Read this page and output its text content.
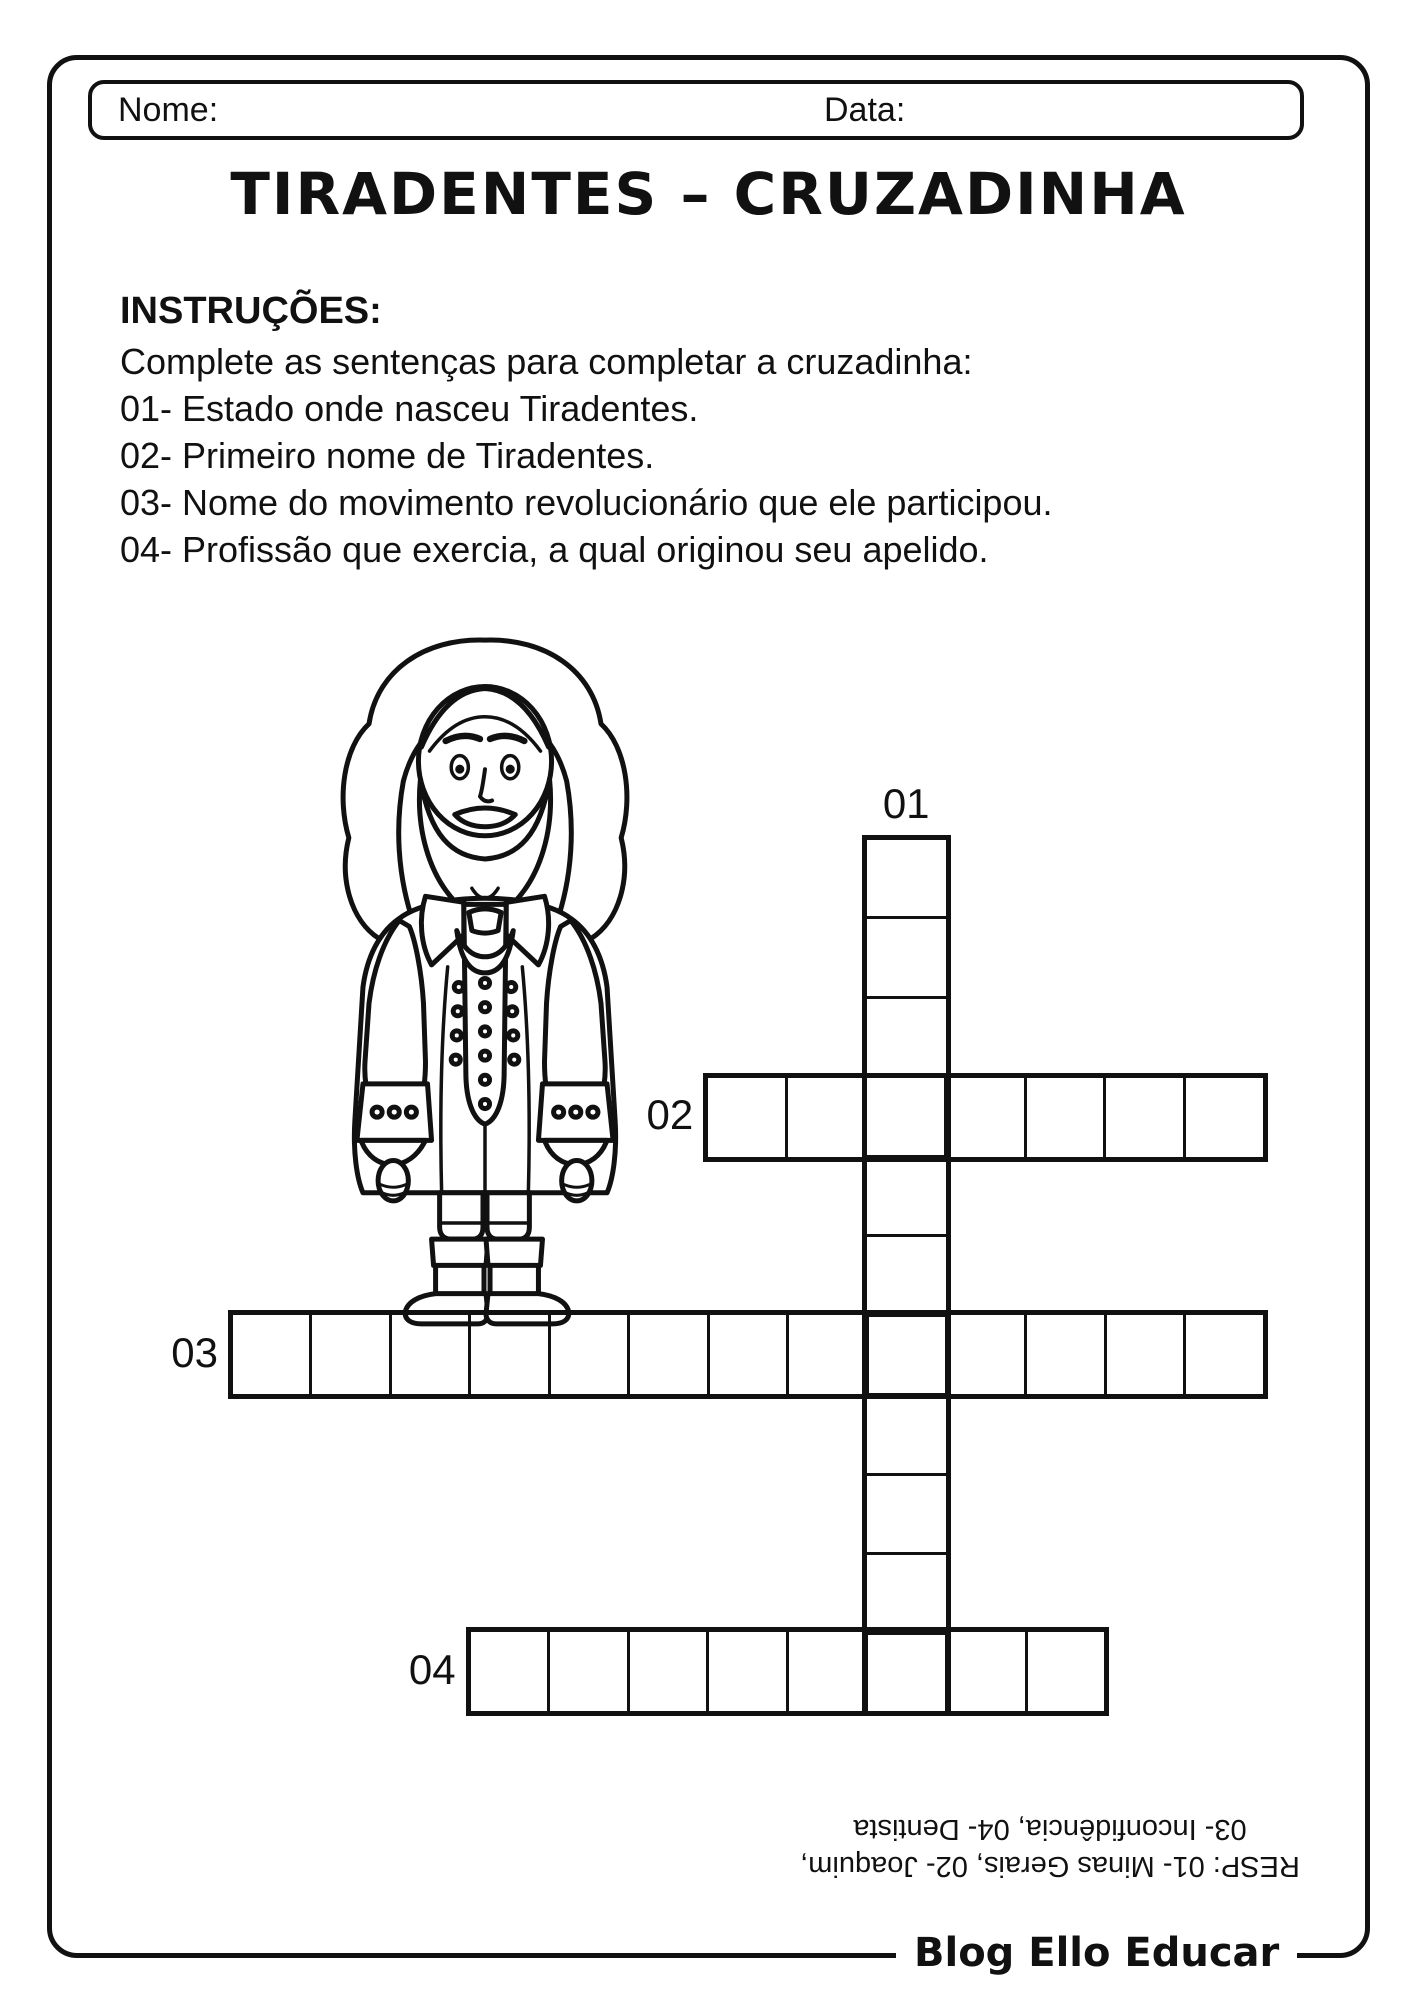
Nome:	Data:
TIRADENTES – CRUZADINHA
INSTRUÇÕES:
Complete as sentenças para completar a cruzadinha:
01- Estado onde nasceu Tiradentes.
02- Primeiro nome de Tiradentes.
03- Nome do movimento revolucionário que ele participou.
04- Profissão que exercia, a qual originou seu apelido.
01
02
03
04
RESP: 01- Minas Gerais, 02- Joaquim,
03- Inconfidência, 04- Dentista
Blog Ello Educar
